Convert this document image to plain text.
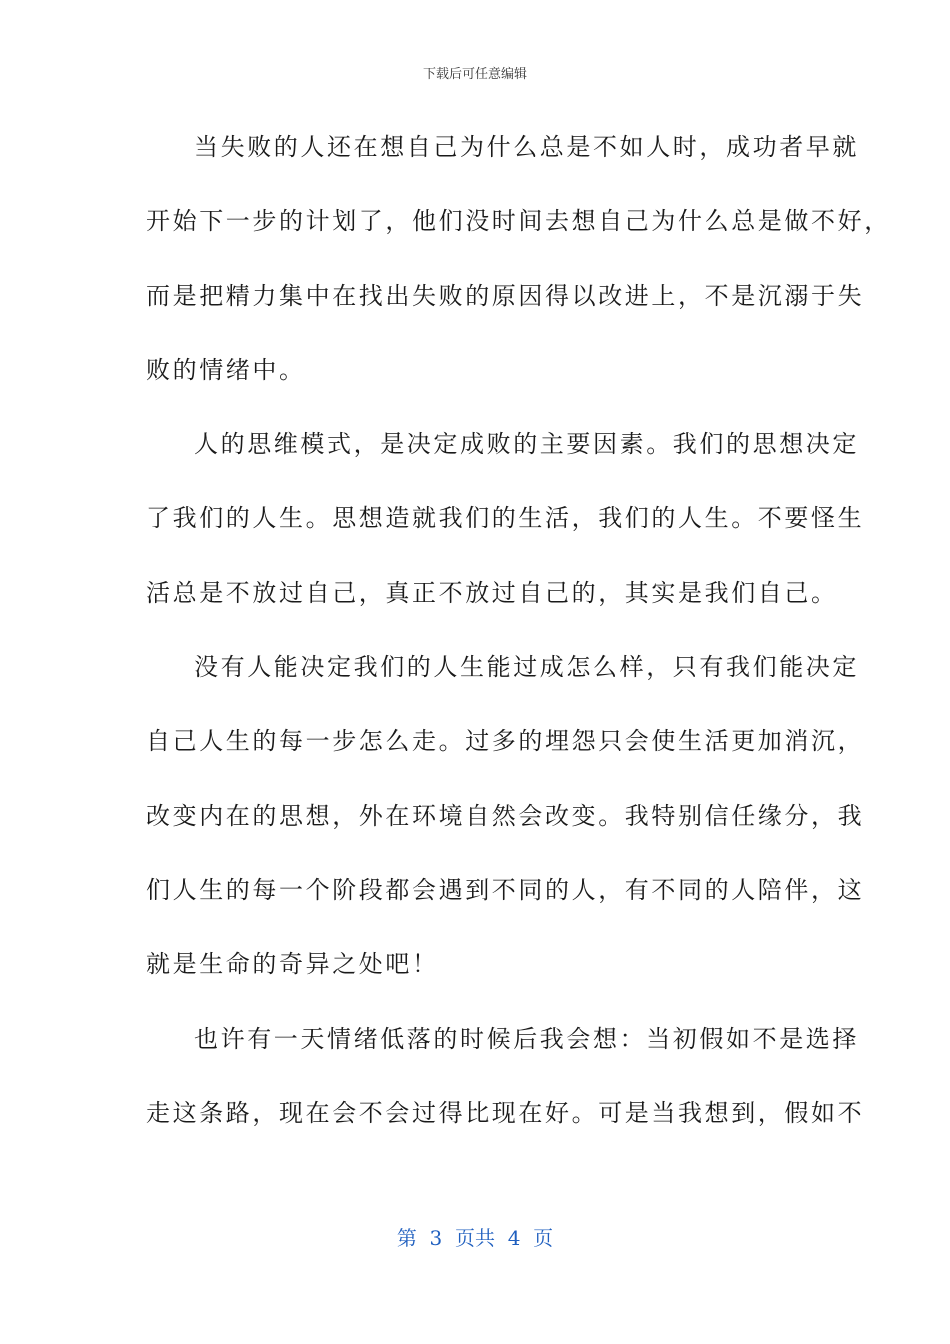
下载后可任意编辑
当失败的人还在想自己为什么总是不如人时，成功者早就
开始下一步的计划了，他们没时间去想自己为什么总是做不好，
而是把精力集中在找出失败的原因得以改进上，不是沉溺于失
败的情绪中。
人的思维模式，是决定成败的主要因素。我们的思想决定
了我们的人生。思想造就我们的生活，我们的人生。不要怪生
活总是不放过自己，真正不放过自己的，其实是我们自己。
没有人能决定我们的人生能过成怎么样，只有我们能决定
自己人生的每一步怎么走。过多的埋怨只会使生活更加消沉，
改变内在的思想，外在环境自然会改变。我特别信任缘分，我
们人生的每一个阶段都会遇到不同的人，有不同的人陪伴，这
就是生命的奇异之处吧！
也许有一天情绪低落的时候后我会想：当初假如不是选择
走这条路，现在会不会过得比现在好。可是当我想到，假如不
第  3  页共  4  页
